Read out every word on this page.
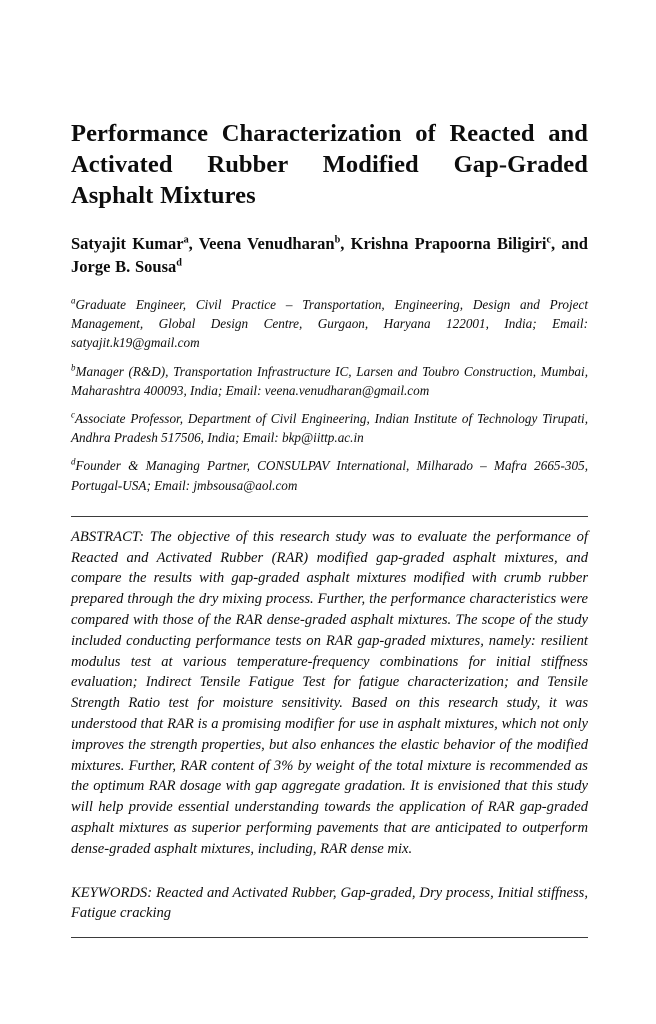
Performance Characterization of Reacted and Activated Rubber Modified Gap-Graded Asphalt Mixtures

Satyajit Kumar$^a$, Veena Venudharan$^b$, Krishna Prapoorna Biligiri$^c$, and Jorge B. Sousa$^d$

$^a$Graduate Engineer, Civil Practice – Transportation, Engineering, Design and Project Management, Global Design Centre, Gurgaon, Haryana 122001, India; Email: satyajit.k19@gmail.com

$^b$Manager (R&D), Transportation Infrastructure IC, Larsen and Toubro Construction, Mumbai, Maharashtra 400093, India; Email: veena.venudharan@gmail.com

$^c$Associate Professor, Department of Civil Engineering, Indian Institute of Technology Tirupati, Andhra Pradesh 517506, India; Email: bkp@iittp.ac.in

$^d$Founder & Managing Partner, CONSULPAV International, Milharado – Mafra 2665-305, Portugal-USA; Email: jmbsousa@aol.com

ABSTRACT: The objective of this research study was to evaluate the performance of Reacted and Activated Rubber (RAR) modified gap-graded asphalt mixtures, and compare the results with gap-graded asphalt mixtures modified with crumb rubber prepared through the dry mixing process. Further, the performance characteristics were compared with those of the RAR dense-graded asphalt mixtures. The scope of the study included conducting performance tests on RAR gap-graded mixtures, namely: resilient modulus test at various temperature-frequency combinations for initial stiffness evaluation; Indirect Tensile Fatigue Test for fatigue characterization; and Tensile Strength Ratio test for moisture sensitivity. Based on this research study, it was understood that RAR is a promising modifier for use in asphalt mixtures, which not only improves the strength properties, but also enhances the elastic behavior of the modified mixtures. Further, RAR content of 3% by weight of the total mixture is recommended as the optimum RAR dosage with gap aggregate gradation. It is envisioned that this study will help provide essential understanding towards the application of RAR gap-graded asphalt mixtures as superior performing pavements that are anticipated to outperform dense-graded asphalt mixtures, including, RAR dense mix.

KEYWORDS: Reacted and Activated Rubber, Gap-graded, Dry process, Initial stiffness, Fatigue cracking
